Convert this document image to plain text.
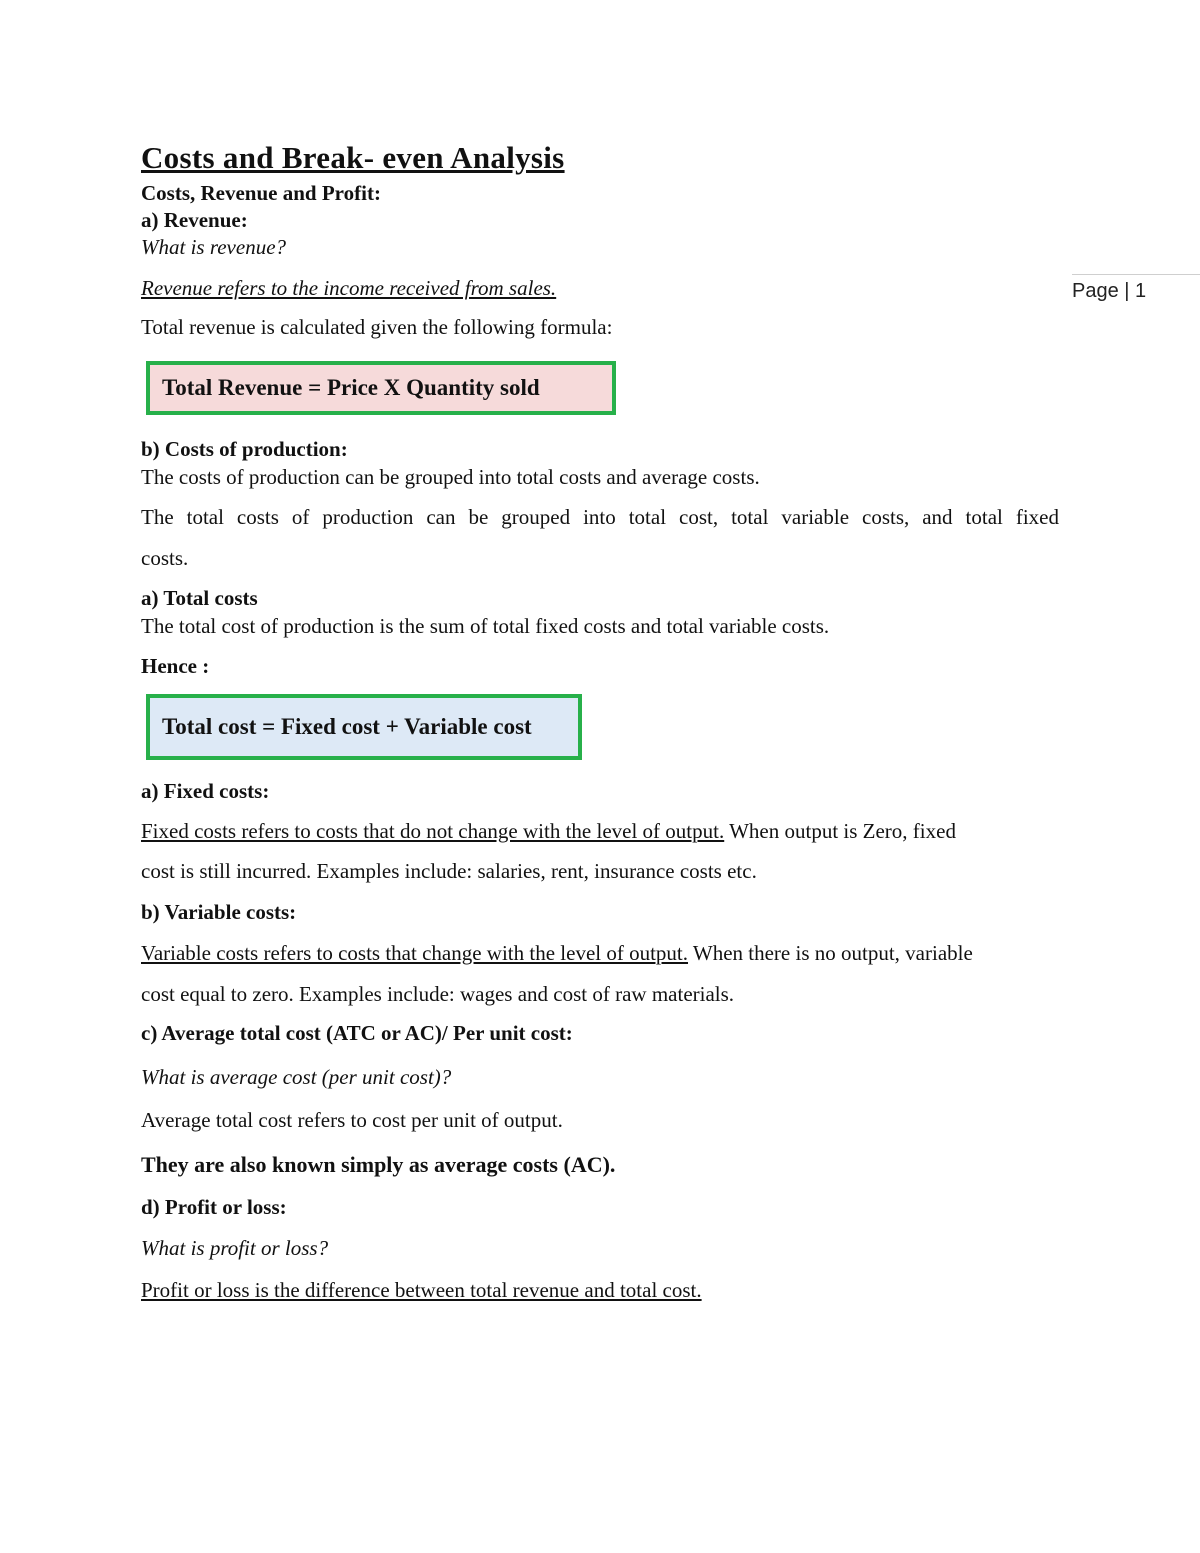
Page | 1
Costs and Break- even Analysis
Costs, Revenue and Profit:
a) Revenue:
What is revenue?
Revenue refers to the income received from sales.
Total revenue is calculated given the following formula:
Total Revenue = Price X Quantity sold
b) Costs of production:
The costs of production can be grouped into total costs and average costs.
The total costs of production can be grouped into total cost, total variable costs, and total fixed
costs.
a) Total costs
The total cost of production is the sum of total fixed costs and total variable costs.
Hence :
Total cost = Fixed cost + Variable cost
a) Fixed costs:
Fixed costs refers to costs that do not change with the level of output. When output is Zero, fixed
cost is still incurred. Examples include: salaries, rent, insurance costs etc.
b) Variable costs:
Variable costs refers to costs that change with the level of output. When there is no output, variable
cost equal to zero. Examples include: wages and cost of raw materials.
c) Average total cost (ATC or AC)/ Per unit cost:
What is average cost (per unit cost)?
Average total cost refers to cost per unit of output.
They are also known simply as average costs (AC).
d) Profit or loss:
What is profit or loss?
Profit or loss is the difference between total revenue and total cost.
